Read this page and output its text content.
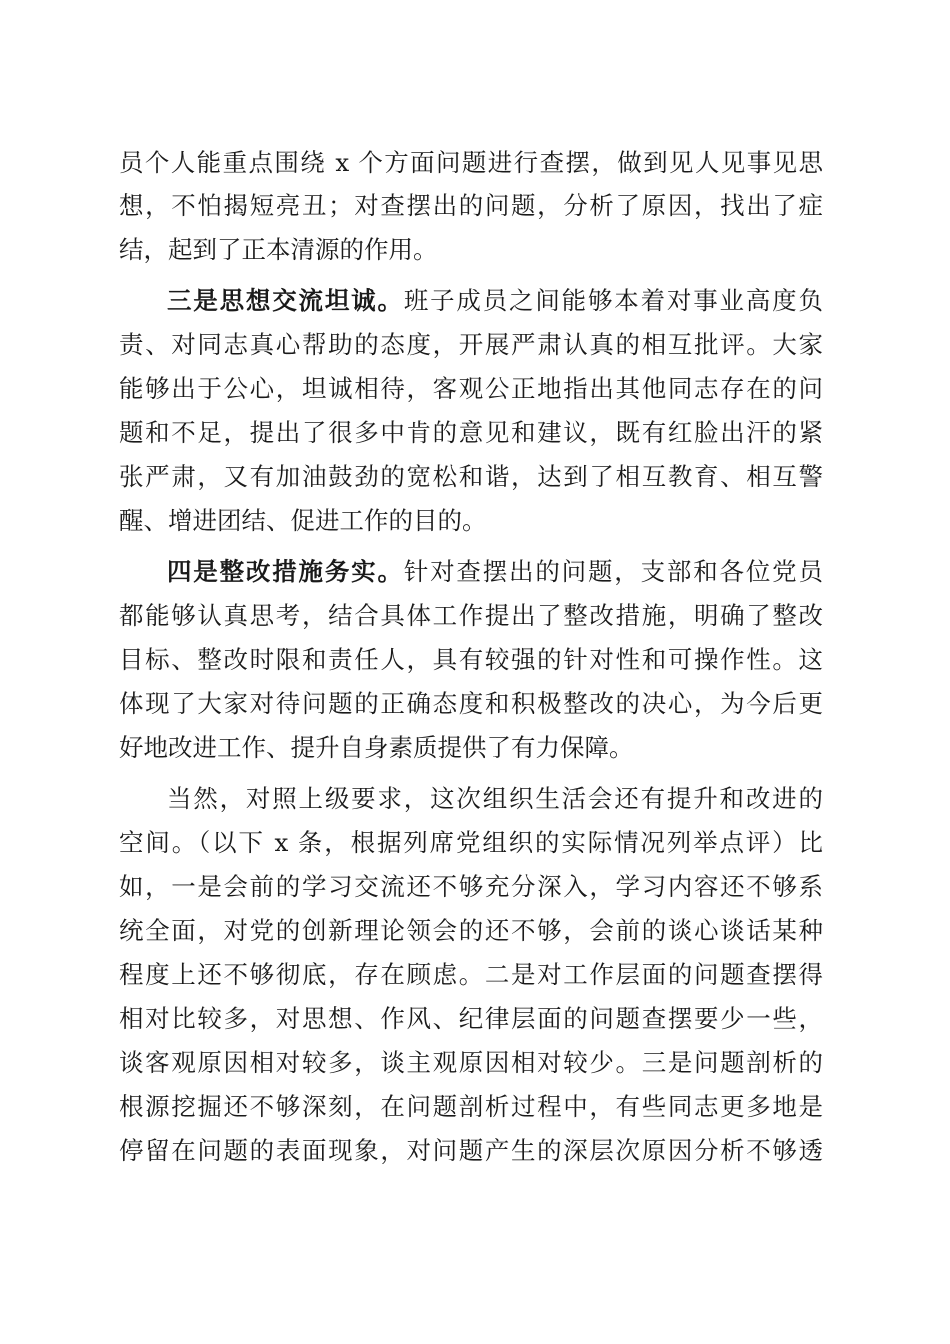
员个人能重点围绕 x 个方面问题进行查摆，做到见人见事见思
想，不怕揭短亮丑；对查摆出的问题，分析了原因，找出了症
结，起到了正本清源的作用。
三是思想交流坦诚。班子成员之间能够本着对事业高度负
责、对同志真心帮助的态度，开展严肃认真的相互批评。大家
能够出于公心，坦诚相待，客观公正地指出其他同志存在的问
题和不足，提出了很多中肯的意见和建议，既有红脸出汗的紧
张严肃，又有加油鼓劲的宽松和谐，达到了相互教育、相互警
醒、增进团结、促进工作的目的。
四是整改措施务实。针对查摆出的问题，支部和各位党员
都能够认真思考，结合具体工作提出了整改措施，明确了整改
目标、整改时限和责任人，具有较强的针对性和可操作性。这
体现了大家对待问题的正确态度和积极整改的决心，为今后更
好地改进工作、提升自身素质提供了有力保障。
当然，对照上级要求，这次组织生活会还有提升和改进的
空间。（以下 x 条，根据列席党组织的实际情况列举点评）比
如，一是会前的学习交流还不够充分深入，学习内容还不够系
统全面，对党的创新理论领会的还不够，会前的谈心谈话某种
程度上还不够彻底，存在顾虑。二是对工作层面的问题查摆得
相对比较多，对思想、作风、纪律层面的问题查摆要少一些，
谈客观原因相对较多，谈主观原因相对较少。三是问题剖析的
根源挖掘还不够深刻，在问题剖析过程中，有些同志更多地是
停留在问题的表面现象，对问题产生的深层次原因分析不够透
